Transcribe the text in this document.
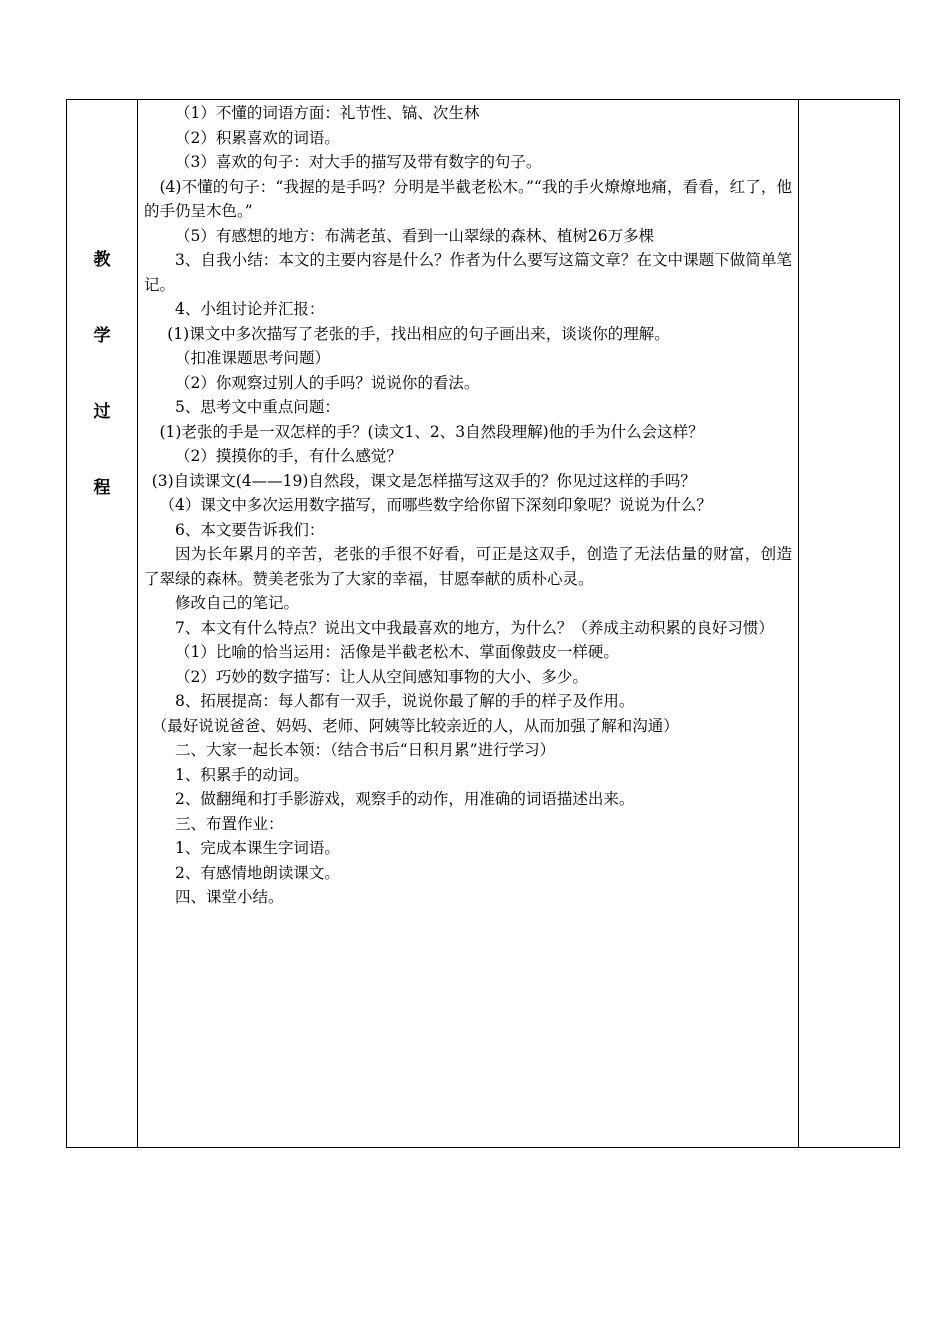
教
学
过
程

（1）不懂的词语方面：礼节性、镐、次生林

（2）积累喜欢的词语。

（3）喜欢的句子：对大手的描写及带有数字的句子。

(4)不懂的句子：“我握的是手吗？分明是半截老松木。”“我的手火燎燎地痛，看看，红了，他的手仍呈木色。”

（5）有感想的地方：布满老茧、看到一山翠绿的森林、植树26万多棵

3、自我小结：本文的主要内容是什么？作者为什么要写这篇文章？在文中课题下做简单笔记。

4、小组讨论并汇报：

(1)课文中多次描写了老张的手，找出相应的句子画出来，谈谈你的理解。

（扣准课题思考问题）

（2）你观察过别人的手吗？说说你的看法。

5、思考文中重点问题：

(1)老张的手是一双怎样的手？(读文1、2、3自然段理解)他的手为什么会这样？

（2）摸摸你的手，有什么感觉？

(3)自读课文(4——19)自然段，课文是怎样描写这双手的？你见过这样的手吗？

（4）课文中多次运用数字描写，而哪些数字给你留下深刻印象呢？说说为什么？

6、本文要告诉我们：

因为长年累月的辛苦，老张的手很不好看，可正是这双手，创造了无法估量的财富，创造了翠绿的森林。赞美老张为了大家的幸福，甘愿奉献的质朴心灵。

修改自己的笔记。

7、本文有什么特点？说出文中我最喜欢的地方，为什么？（养成主动积累的良好习惯）

（1）比喻的恰当运用：活像是半截老松木、掌面像鼓皮一样硬。

（2）巧妙的数字描写：让人从空间感知事物的大小、多少。

8、拓展提高：每人都有一双手，说说你最了解的手的样子及作用。

（最好说说爸爸、妈妈、老师、阿姨等比较亲近的人，从而加强了解和沟通）

二、大家一起长本领：（结合书后“日积月累”进行学习）

1、积累手的动词。

2、做翻绳和打手影游戏，观察手的动作，用准确的词语描述出来。

三、布置作业：

1、完成本课生字词语。

2、有感情地朗读课文。

四、课堂小结。
